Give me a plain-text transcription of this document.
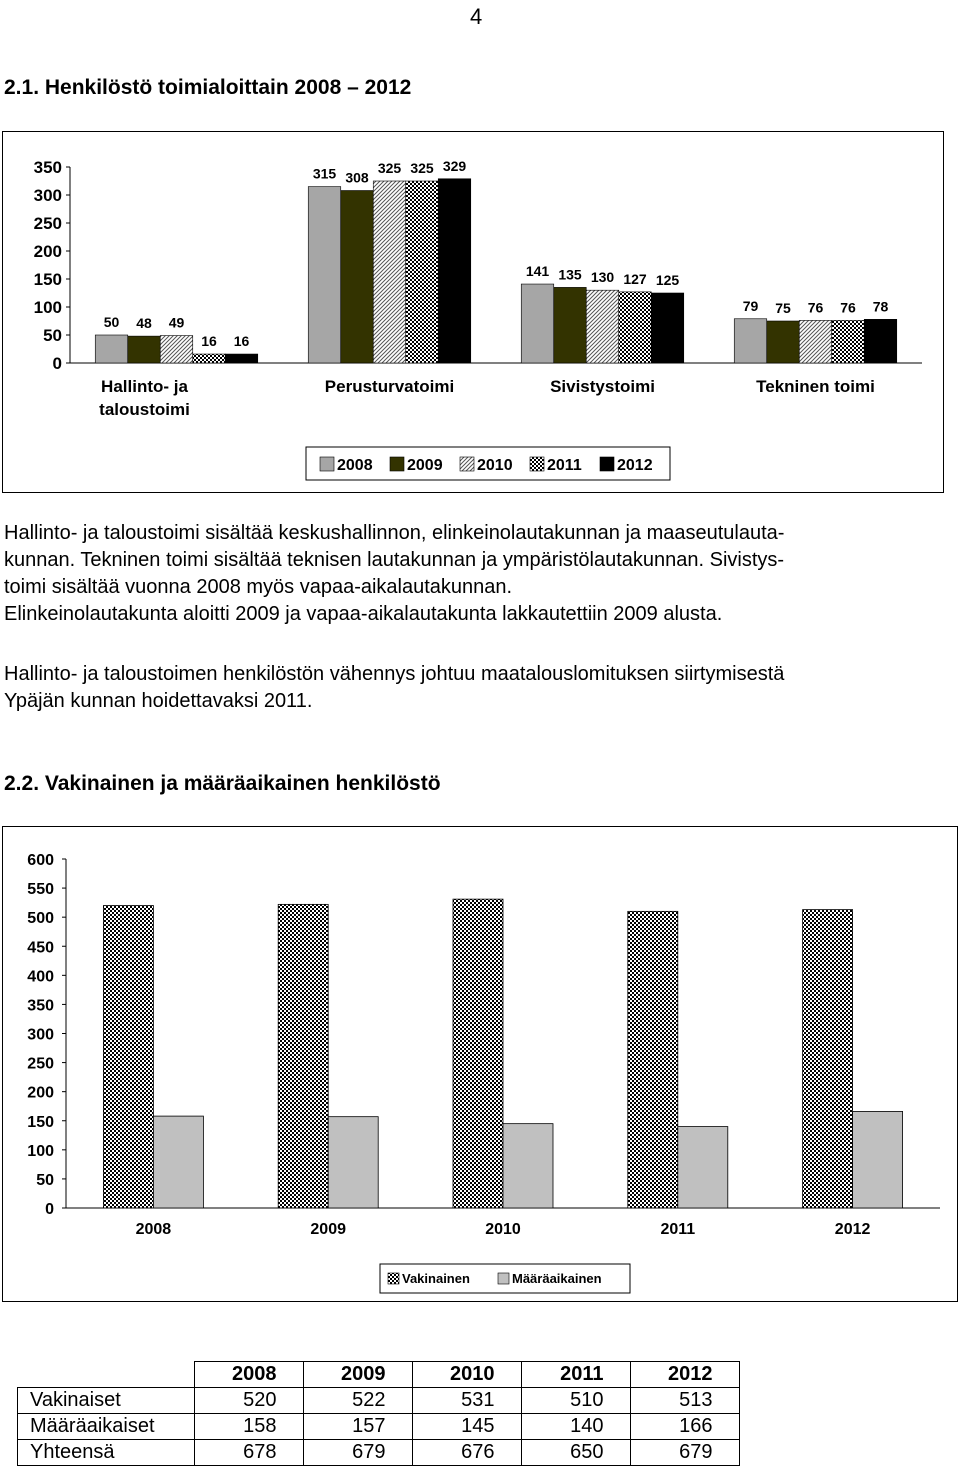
4
2.1. Henkilöstö toimialoittain 2008 – 2012
0
50
100
150
200
250
300
350
Hallinto- ja
taloustoimi
Perusturvatoimi	Sivistystoimi	Tekninen toimi
50 48 49
16 16
315 308
325 325 329
141 135 130 127 125
79 75 76 76 78
2008 2009 2010 2011 2012

Hallinto- ja taloustoimi sisältää keskushallinnon, elinkeinolautakunnan ja maaseutulauta-

kunnan. Tekninen toimi sisältää teknisen lautakunnan ja ympäristölautakunnan. Sivistys-

toimi sisältää vuonna 2008 myös vapaa-aikalautakunnan.

Elinkeinolautakunta aloitti 2009 ja vapaa-aikalautakunta lakkautettiin 2009 alusta.

Hallinto- ja taloustoimen henkilöstön vähennys johtuu maatalouslomituksen siirtymisestä

Ypäjän kunnan hoidettavaksi 2011.

2.2. Vakinainen ja määräaikainen henkilöstö
0
50
100
150
200
250
300
350
400
450
500
550
600
2008	2009	2010	2011	2012
Vakinainen	Määräaikainen
	2008	2009	2010	2011	2012
Vakinaiset	520	522	531	510	513
Määräaikaiset	158	157	145	140	166
Yhteensä	678	679	676	650	679
